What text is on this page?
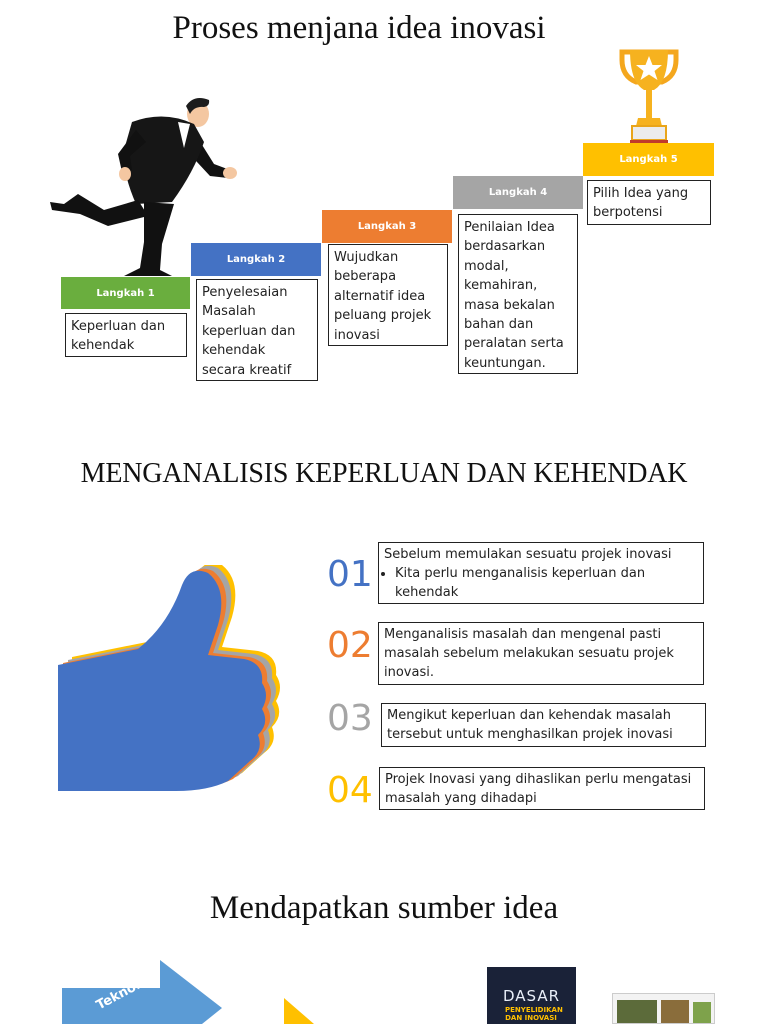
Proses menjana idea inovasi
Langkah 1
Langkah 2
Langkah 3
Langkah 4
Langkah 5
Keperluan dan kehendak
Penyelesaian Masalah keperluan dan kehendak secara kreatif
Wujudkan beberapa alternatif idea peluang projek inovasi
Penilaian Idea berdasarkan modal, kemahiran, masa bekalan bahan dan peralatan serta keuntungan.
Pilih Idea yang berpotensi
MENGANALISIS KEPERLUAN DAN KEHENDAK
01 Sebelum memulakan sesuatu projek inovasi
• Kita perlu menganalisis keperluan dan kehendak
02 Menganalisis masalah dan mengenal pasti masalah sebelum melakukan sesuatu projek inovasi.
03	Mengikut keperluan dan kehendak masalah tersebut untuk menghasilkan projek inovasi
04 Projek Inovasi yang dihaslikan perlu mengatasi masalah yang dihadapi
Mendapatkan sumber idea
Teknologi	DASAR
PENYELIDIKAN DAN INOVASI
